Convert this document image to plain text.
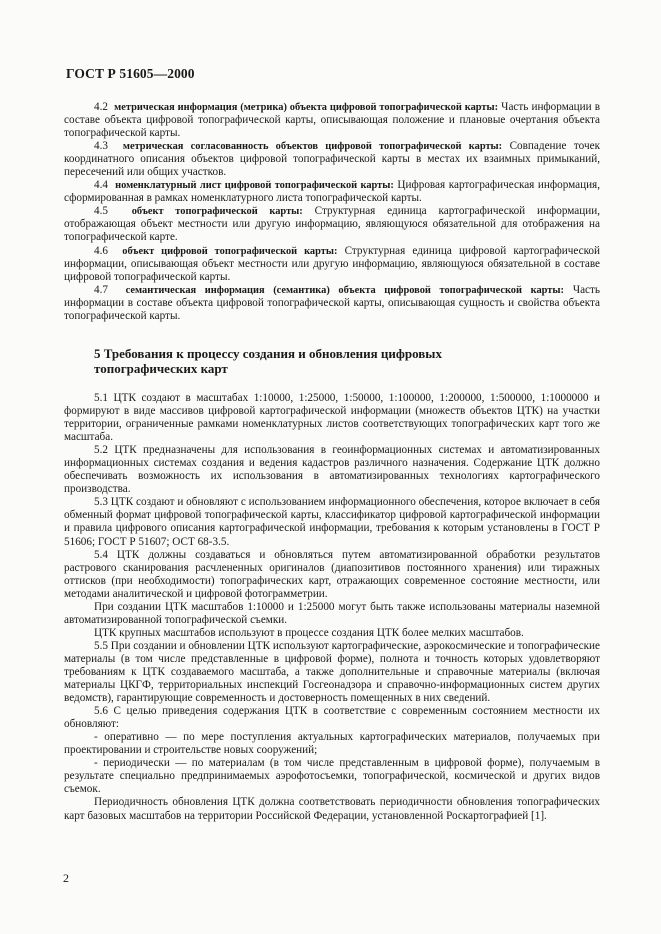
ГОСТ Р 51605—2000

4.2 метрическая информация (метрика) объекта цифровой топографической карты: Часть информации в составе объекта цифровой топографической карты, описывающая положение и плановые очертания объекта топографической карты.

4.3 метрическая согласованность объектов цифровой топографической карты: Совпадение точек координатного описания объектов цифровой топографической карты в местах их взаимных примыканий, пересечений или общих участков.

4.4 номенклатурный лист цифровой топографической карты: Цифровая картографическая информация, сформированная в рамках номенклатурного листа топографической карты.

4.5 объект топографической карты: Структурная единица картографической информации, отображающая объект местности или другую информацию, являющуюся обязательной для отображения на топографической карте.

4.6 объект цифровой топографической карты: Структурная единица цифровой картографической информации, описывающая объект местности или другую информацию, являющуюся обязательной в составе цифровой топографической карты.

4.7 семантическая информация (семантика) объекта цифровой топографической карты: Часть информации в составе объекта цифровой топографической карты, описывающая сущность и свойства объекта топографической карты.

5 Требования к процессу создания и обновления цифровых
топографических карт

5.1 ЦТК создают в масштабах 1:10000, 1:25000, 1:50000, 1:100000, 1:200000, 1:500000, 1:1000000 и формируют в виде массивов цифровой картографической информации (множеств объектов ЦТК) на участки территории, ограниченные рамками номенклатурных листов соответствующих топографических карт того же масштаба.

5.2 ЦТК предназначены для использования в геоинформационных системах и автоматизированных информационных системах создания и ведения кадастров различного назначения. Содержание ЦТК должно обеспечивать возможность их использования в автоматизированных технологиях картографического производства.

5.3 ЦТК создают и обновляют с использованием информационного обеспечения, которое включает в себя обменный формат цифровой топографической карты, классификатор цифровой картографической информации и правила цифрового описания картографической информации, требования к которым установлены в ГОСТ Р 51606; ГОСТ Р 51607; ОСТ 68-3.5.

5.4 ЦТК должны создаваться и обновляться путем автоматизированной обработки результатов растрового сканирования расчлененных оригиналов (диапозитивов постоянного хранения) или тиражных оттисков (при необходимости) топографических карт, отражающих современное состояние местности, или методами аналитической и цифровой фотограмметрии.

При создании ЦТК масштабов 1:10000 и 1:25000 могут быть также использованы материалы наземной автоматизированной топографической съемки.

ЦТК крупных масштабов используют в процессе создания ЦТК более мелких масштабов.

5.5 При создании и обновлении ЦТК используют картографические, аэрокосмические и топографические материалы (в том числе представленные в цифровой форме), полнота и точность которых удовлетворяют требованиям к ЦТК создаваемого масштаба, а также дополнительные и справочные материалы (включая материалы ЦКГФ, территориальных инспекций Госгеонадзора и справочно-информационных систем других ведомств), гарантирующие современность и достоверность помещенных в них сведений.

5.6 С целью приведения содержания ЦТК в соответствие с современным состоянием местности их обновляют:

- оперативно — по мере поступления актуальных картографических материалов, получаемых при проектировании и строительстве новых сооружений;

- периодически — по материалам (в том числе представленным в цифровой форме), получаемым в результате специально предпринимаемых аэрофотосъемки, топографической, космической и других видов съемок.

Периодичность обновления ЦТК должна соответствовать периодичности обновления топографических карт базовых масштабов на территории Российской Федерации, установленной Роскартографией [1].

2
